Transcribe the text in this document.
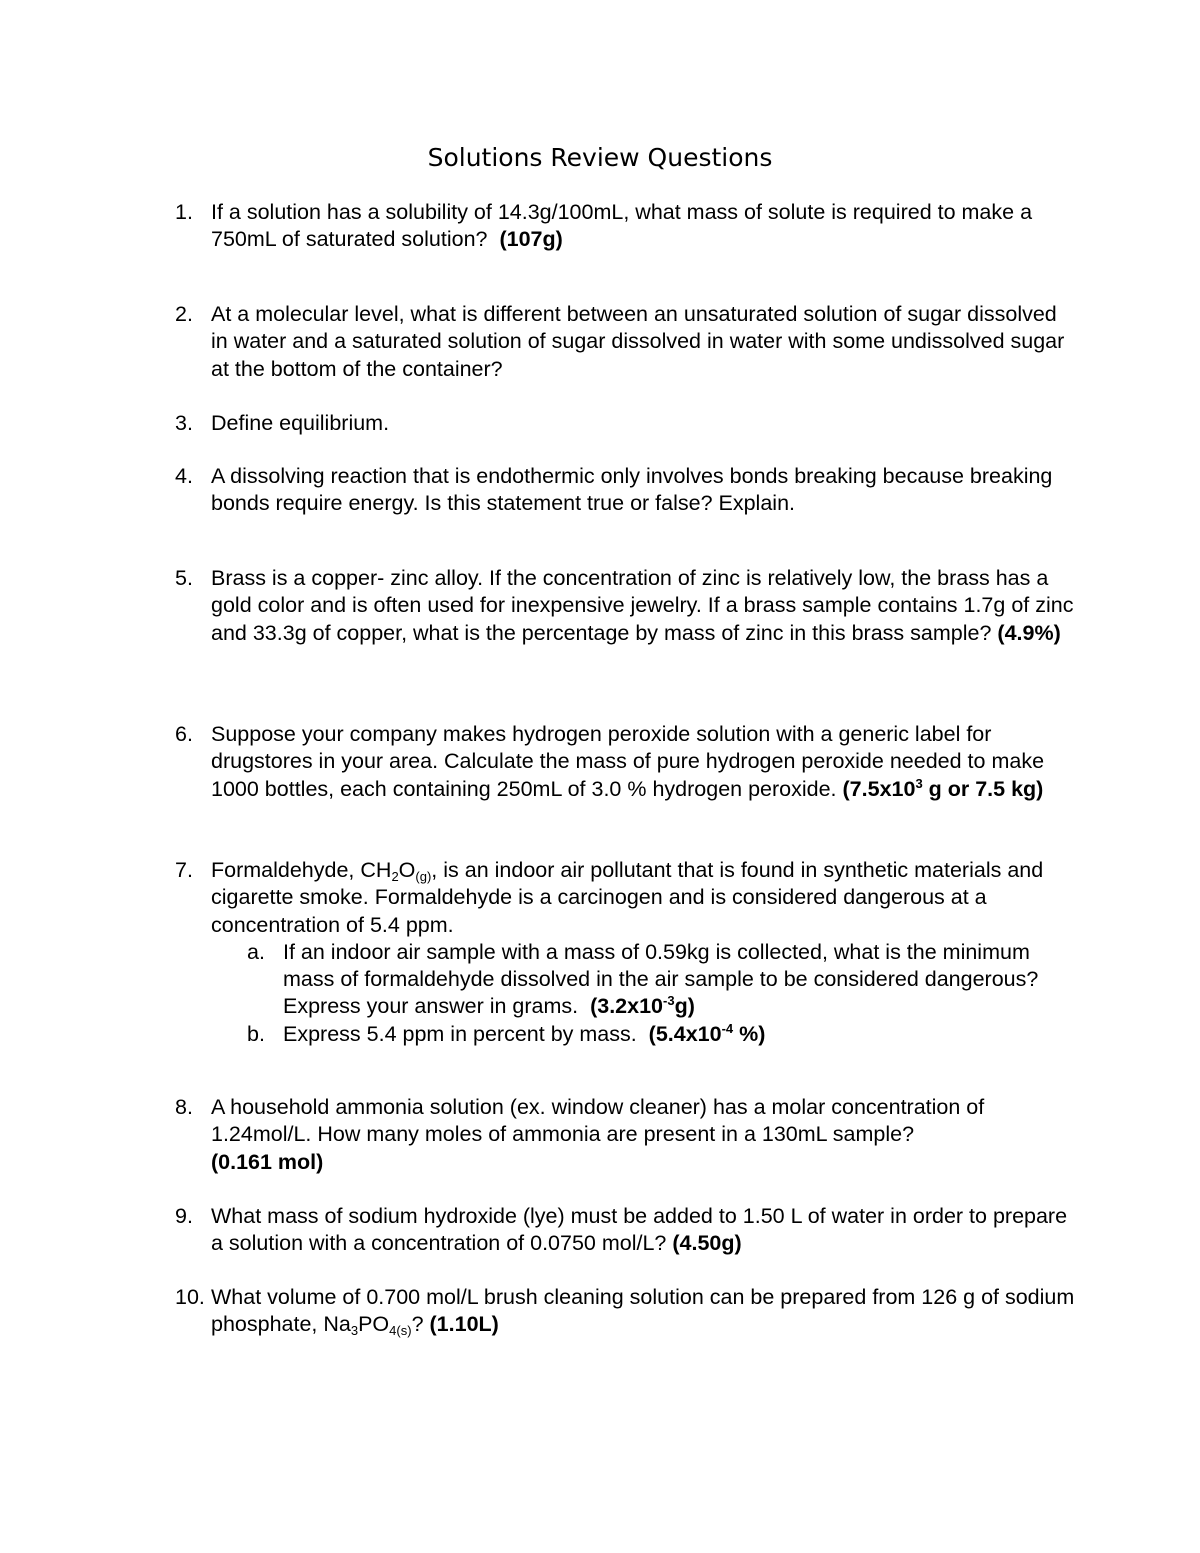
Solutions Review Questions
1. If a solution has a solubility of 14.3g/100mL, what mass of solute is required to make a 750mL of saturated solution? (107g)
2. At a molecular level, what is different between an unsaturated solution of sugar dissolved in water and a saturated solution of sugar dissolved in water with some undissolved sugar at the bottom of the container?
3. Define equilibrium.
4. A dissolving reaction that is endothermic only involves bonds breaking because breaking bonds require energy. Is this statement true or false? Explain.
5. Brass is a copper- zinc alloy. If the concentration of zinc is relatively low, the brass has a gold color and is often used for inexpensive jewelry. If a brass sample contains 1.7g of zinc and 33.3g of copper, what is the percentage by mass of zinc in this brass sample? (4.9%)
6. Suppose your company makes hydrogen peroxide solution with a generic label for drugstores in your area. Calculate the mass of pure hydrogen peroxide needed to make 1000 bottles, each containing 250mL of 3.0 % hydrogen peroxide. ($7.5x10^3$ g or 7.5 kg)
7. Formaldehyde, $CH_2O_{(g)}$, is an indoor air pollutant that is found in synthetic materials and cigarette smoke. Formaldehyde is a carcinogen and is considered dangerous at a concentration of 5.4 ppm.
a. If an indoor air sample with a mass of 0.59kg is collected, what is the minimum mass of formaldehyde dissolved in the air sample to be considered dangerous? Express your answer in grams. $(3.2x10^{-3}g)$
b. Express 5.4 ppm in percent by mass. ($5.4x10^{-4}$ %)
8. A household ammonia solution (ex. window cleaner) has a molar concentration of 1.24mol/L. How many moles of ammonia are present in a 130mL sample?
(0.161 mol)
9. What mass of sodium hydroxide (lye) must be added to 1.50 L of water in order to prepare a solution with a concentration of 0.0750 mol/L? (4.50g)
10. What volume of 0.700 mol/L brush cleaning solution can be prepared from 126 g of sodium phosphate, $Na_3PO_{4(s)}$? (1.10L)
